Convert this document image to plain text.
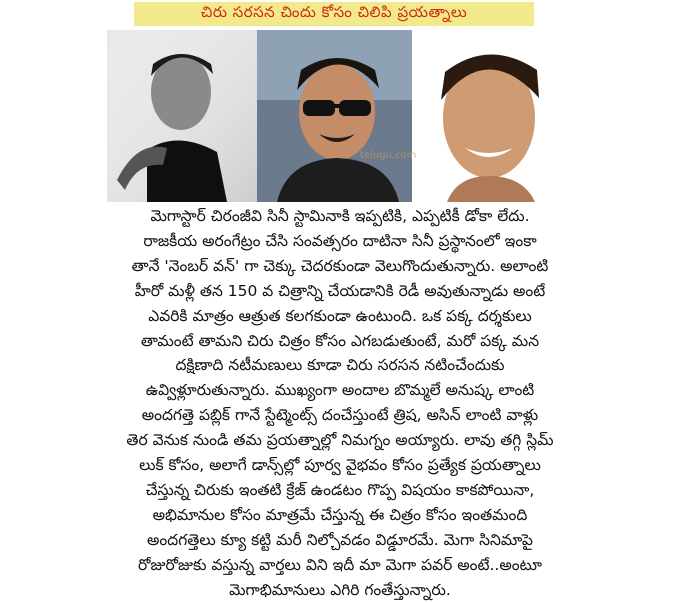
చిరు సరసన చిందు కోసం చిలిపి ప్రయత్నాలు
telugu.com
మెగాస్టార్ చిరంజీవి సినీ స్టామినాకి ఇప్పటికి, ఎప్పటికీ డోకా లేదు.
రాజకీయ అరంగేట్రం చేసి సంవత్సరం దాటినా సినీ ప్రస్థానంలో ఇంకా
తానే 'నెంబర్ వన్' గా చెక్కు చెదరకుండా వెలుగొందుతున్నారు. అలాంటి
హీరో మళ్లీ తన 150 వ చిత్రాన్ని చేయడానికి రెడీ అవుతున్నాడు అంటే
ఎవరికి మాత్రం ఆత్రుత కలగకుండా ఉంటుంది. ఒక పక్క దర్శకులు
తామంటే తామని చిరు చిత్రం కోసం ఎగబడుతుంటే, మరో పక్క మన
దక్షిణాది నటీమణులు కూడా చిరు సరసన నటించేందుకు
ఉవ్విళ్లూరుతున్నారు. ముఖ్యంగా అందాల బొమ్మలే అనుష్క లాంటి
అందగత్తె పబ్లిక్ గానే స్టేట్మెంట్స్ దంచేస్తుంటే త్రిష, అసిన్ లాంటి వాళ్లు
తెర వెనుక నుండి తమ ప్రయత్నాల్లో నిమగ్నం అయ్యారు. లావు తగ్గి స్లిమ్
లుక్ కోసం, అలాగే డాన్స్‌ల్లో పూర్వ వైభవం కోసం ప్రత్యేక ప్రయత్నాలు
చేస్తున్న చిరుకు ఇంతటి క్రేజ్ ఉండటం గొప్ప విషయం కాకపోయినా,
అభిమానుల కోసం మాత్రమే చేస్తున్న ఈ చిత్రం కోసం ఇంతమంది
అందగత్తెలు క్యూ కట్టి మరీ నిల్చోవడం విడ్డూరమే. మెగా సినిమాపై
రోజురోజుకు వస్తున్న వార్తలు విని ఇదీ మా మెగా పవర్ అంటే..అంటూ
మెగాభిమానులు ఎగిరి గంతేస్తున్నారు.
